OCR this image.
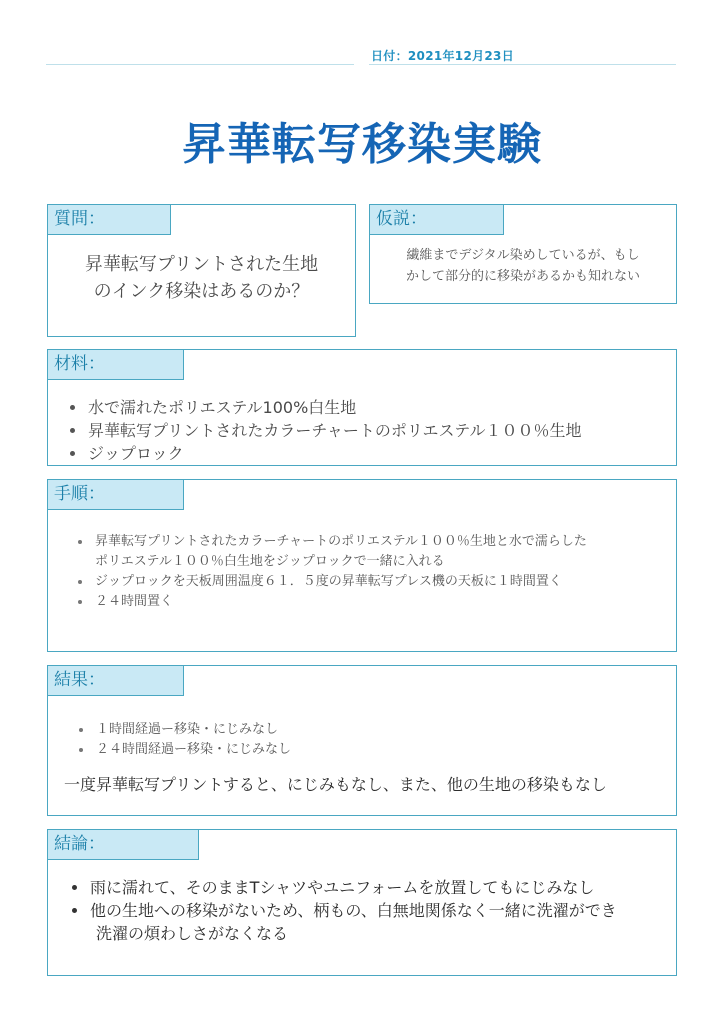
日付：2021年12月23日
昇華転写移染実験
質問：
昇華転写プリントされた生地
のインク移染はあるのか？
仮説：
繊維までデジタル染めしているが、もし
かして部分的に移染があるかも知れない
材料：
水で濡れたポリエステル100%白生地
昇華転写プリントされたカラーチャートのポリエステル１００％生地
ジップロック
手順：
昇華転写プリントされたカラーチャートのポリエステル１００％生地と水で濡らした
ポリエステル１００％白生地をジップロックで一緒に入れる
ジップロックを天板周囲温度６１．５度の昇華転写プレス機の天板に１時間置く
２４時間置く
結果：
１時間経過ー移染・にじみなし
２４時間経過ー移染・にじみなし
一度昇華転写プリントすると、にじみもなし、また、他の生地の移染もなし
結論：
雨に濡れて、そのままTシャツやユニフォームを放置してもにじみなし
他の生地への移染がないため、柄もの、白無地関係なく一緒に洗濯ができ
洗濯の煩わしさがなくなる
